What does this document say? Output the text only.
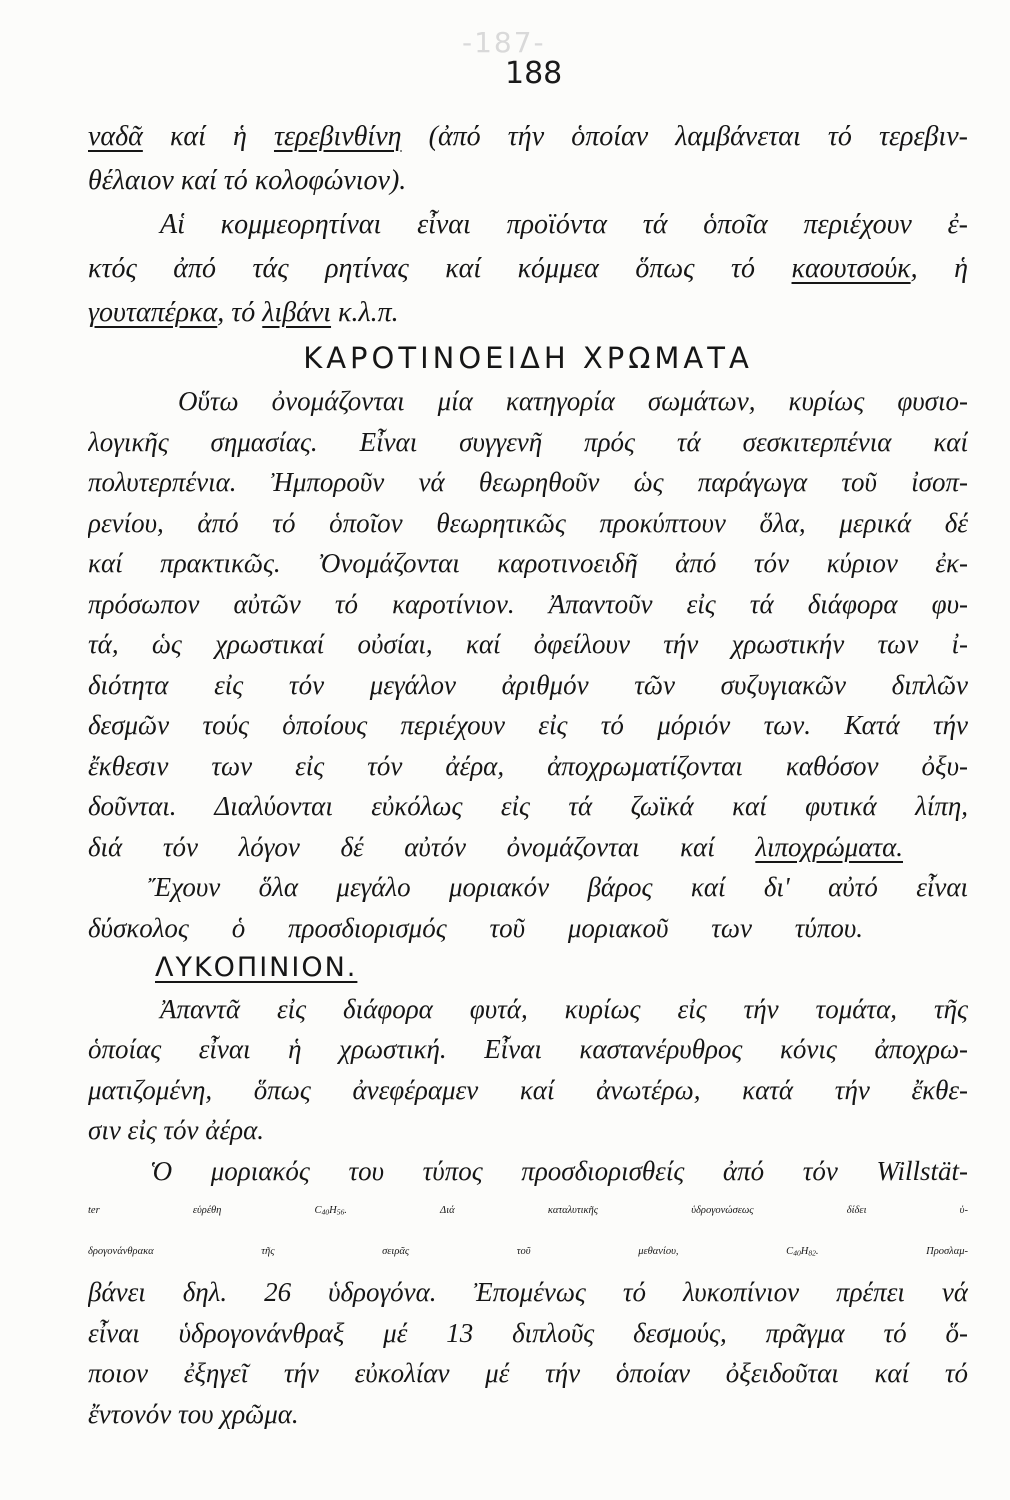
-187-
188
ναδᾶ καί ἡ τερεβινθίνη (ἀπό τήν ὁποίαν λαμβάνεται τό τερεβιν-
θέλαιον καί τό κολοφώνιον).
Αἱ κομμεορητίναι εἶναι προϊόντα τά ὁποῖα περιέχουν ἐ-
κτός ἀπό τάς ρητίνας καί κόμμεα ὅπως τό καουτσούκ, ἡ
γουταπέρκα, τό λιβάνι κ.λ.π.
ΚΑΡΟΤΙΝΟΕΙΔΗ ΧΡΩΜΑΤΑ
Οὕτω ὀνομάζονται μία κατηγορία σωμάτων, κυρίως φυσιο-
λογικῆς σημασίας. Εἶναι συγγενῆ πρός τά σεσκιτερπένια καί
πολυτερπένια. Ἠμποροῦν νά θεωρηθοῦν ὡς παράγωγα τοῦ ἰσοπ-
ρενίου, ἀπό τό ὁποῖον θεωρητικῶς προκύπτουν ὅλα, μερικά δέ
καί πρακτικῶς. Ὀνομάζονται καροτινοειδῆ ἀπό τόν κύριον ἐκ-
πρόσωπον αὐτῶν τό καροτίνιον. Ἀπαντοῦν εἰς τά διάφορα φυ-
τά, ὡς χρωστικαί οὐσίαι, καί ὀφείλουν τήν χρωστικήν των ἰ-
διότητα εἰς τόν μεγάλον ἀριθμόν τῶν συζυγιακῶν διπλῶν
δεσμῶν τούς ὁποίους περιέχουν εἰς τό μόριόν των. Κατά τήν
ἔκθεσιν των εἰς τόν ἀέρα, ἀποχρωματίζονται καθόσον ὀξυ-
δοῦνται. Διαλύονται εὐκόλως εἰς τά ζωϊκά καί φυτικά λίπη,
διά τόν λόγον δέ αὐτόν ὀνομάζονται καί λιποχρώματα.
Ἔχουν ὅλα μεγάλο μοριακόν βάρος καί δι' αὐτό εἶναι
δύσκολος ὁ προσδιορισμός τοῦ μοριακοῦ των τύπου.
ΛΥΚΟΠΙΝΙΟΝ.
Ἀπαντᾶ εἰς διάφορα φυτά, κυρίως εἰς τήν τομάτα, τῆς
ὁποίας εἶναι ἡ χρωστική. Εἶναι καστανέρυθρος κόνις ἀποχρω-
ματιζομένη, ὅπως ἀνεφέραμεν καί ἀνωτέρω, κατά τήν ἔκθε-
σιν εἰς τόν ἀέρα.
Ὁ μοριακός του τύπος προσδιορισθείς ἀπό τόν Willstät-
ter εὑρέθη C40H56. Διά καταλυτικῆς ὑδρογονώσεως δίδει ὑ-
δρογονάνθρακα τῆς σειρᾶς τοῦ μεθανίου, C40H82. Προσλαμ-
βάνει δηλ. 26 ὑδρογόνα. Ἐπομένως τό λυκοπίνιον πρέπει νά
εἶναι ὑδρογονάνθραξ μέ 13 διπλοῦς δεσμούς, πρᾶγμα τό ὅ-
ποιον ἐξηγεῖ τήν εὐκολίαν μέ τήν ὁποίαν ὀξειδοῦται καί τό
ἔντονόν του χρῶμα.
